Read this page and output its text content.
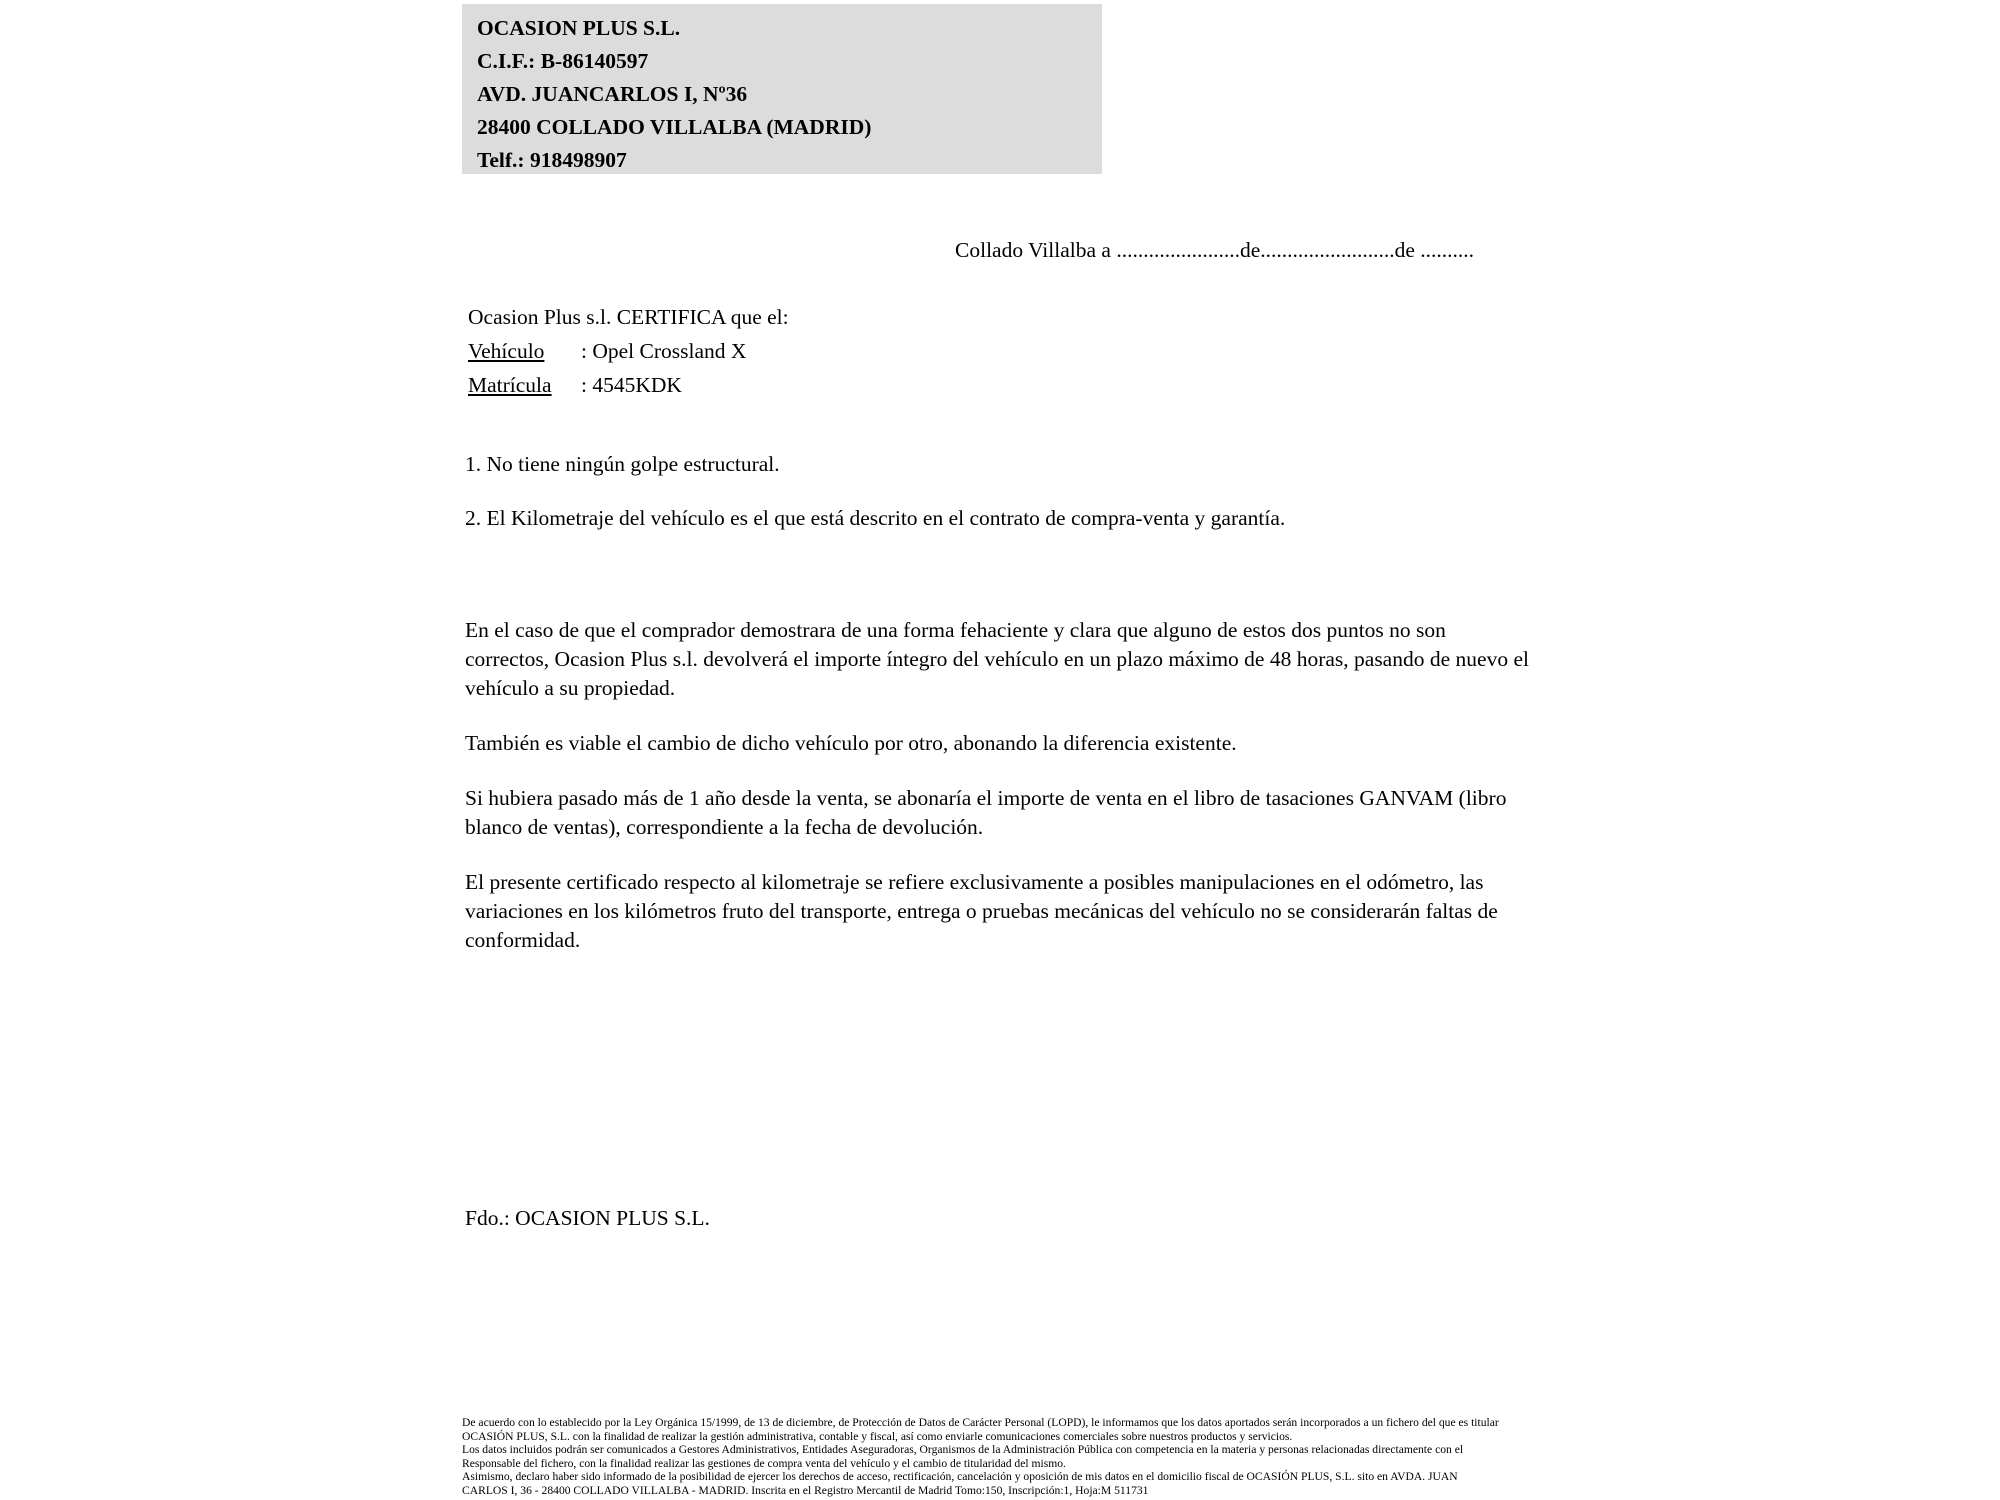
OCASION PLUS S.L.
C.I.F.: B-86140597
AVD. JUANCARLOS I, Nº36
28400 COLLADO VILLALBA (MADRID)
Telf.: 918498907
Collado Villalba a .......................de.........................de ..........
Ocasion Plus s.l. CERTIFICA que el:
Vehículo : Opel Crossland X
Matrícula : 4545KDK
1. No tiene ningún golpe estructural.
2. El Kilometraje del vehículo es el que está descrito en el contrato de compra-venta y garantía.

En el caso de que el comprador demostrara de una forma fehaciente y clara que alguno de estos dos puntos no son correctos, Ocasion Plus s.l. devolverá el importe íntegro del vehículo en un plazo máximo de 48 horas, pasando de nuevo el vehículo a su propiedad.

También es viable el cambio de dicho vehículo por otro, abonando la diferencia existente.

Si hubiera pasado más de 1 año desde la venta, se abonaría el importe de venta en el libro de tasaciones GANVAM (libro blanco de ventas), correspondiente a la fecha de devolución.

El presente certificado respecto al kilometraje se refiere exclusivamente a posibles manipulaciones en el odómetro, las variaciones en los kilómetros fruto del transporte, entrega o pruebas mecánicas del vehículo no se considerarán faltas de conformidad.

Fdo.: OCASION PLUS S.L.
De acuerdo con lo establecido por la Ley Orgánica 15/1999, de 13 de diciembre, de Protección de Datos de Carácter Personal (LOPD), le informamos que los datos aportados serán incorporados a un fichero del que es titular
OCASIÓN PLUS, S.L. con la finalidad de realizar la gestión administrativa, contable y fiscal, así como enviarle comunicaciones comerciales sobre nuestros productos y servicios.
Los datos incluidos podrán ser comunicados a Gestores Administrativos, Entidades Aseguradoras, Organismos de la Administración Pública con competencia en la materia y personas relacionadas directamente con el
Responsable del fichero, con la finalidad realizar las gestiones de compra venta del vehículo y el cambio de titularidad del mismo.
Asimismo, declaro haber sido informado de la posibilidad de ejercer los derechos de acceso, rectificación, cancelación y oposición de mis datos en el domicilio fiscal de OCASIÓN PLUS, S.L. sito en AVDA. JUAN
CARLOS I, 36 - 28400 COLLADO VILLALBA - MADRID. Inscrita en el Registro Mercantil de Madrid Tomo:150, Inscripción:1, Hoja:M 511731
